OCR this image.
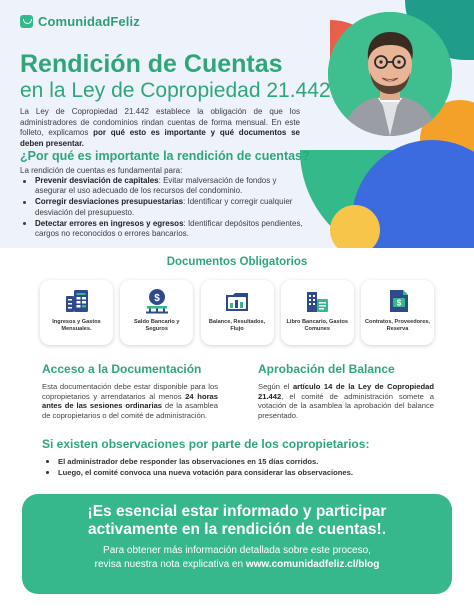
ComunidadFeliz
Rendición de Cuentas
en la Ley de Copropiedad 21.442

La Ley de Copropiedad 21.442 establece la obligación de que los administradores de condominios rindan cuentas de forma mensual. En este folleto, explicamos por qué esto es importante y qué documentos se deben presentar.

¿Por qué es importante la rendición de cuentas?
La rendición de cuentas es fundamental para:
Prevenir desviación de capitales: Evitar malversación de fondos y asegurar el uso adecuado de los recursos del condominio.
Corregir desviaciones presupuestarias: Identificar y corregir cualquier desviación del presupuesto.
Detectar errores en ingresos y egresos: Identificar depósitos pendientes, cargos no reconocidos o errores bancarios.
Documentos Obligatorios
Ingresos y Gastos Mensuales.
$
Saldo Bancario y Seguros
Balance, Resultados, Flujo
Libro Bancario, Gastos Comunes
$
Contratos, Proveedores, Reserva
Acceso a la Documentación

Esta documentación debe estar disponible para los copropietarios y arrendatarios al menos 24 horas antes de las sesiones ordinarias de la asamblea de copropietarios o del comité de administración.

Aprobación del Balance

Según el artículo 14 de la Ley de Copropiedad 21.442, el comité de administración somete a votación de la asamblea la aprobación del balance presentado.

Si existen observaciones por parte de los copropietarios:
El administrador debe responder las observaciones en 15 días corridos.
Luego, el comité convoca una nueva votación para considerar las observaciones.
¡Es esencial estar informado y participar
activamente en la rendición de cuentas!.
Para obtener más información detallada sobre este proceso,
revisa nuestra nota explicativa en www.comunidadfeliz.cl/blog
